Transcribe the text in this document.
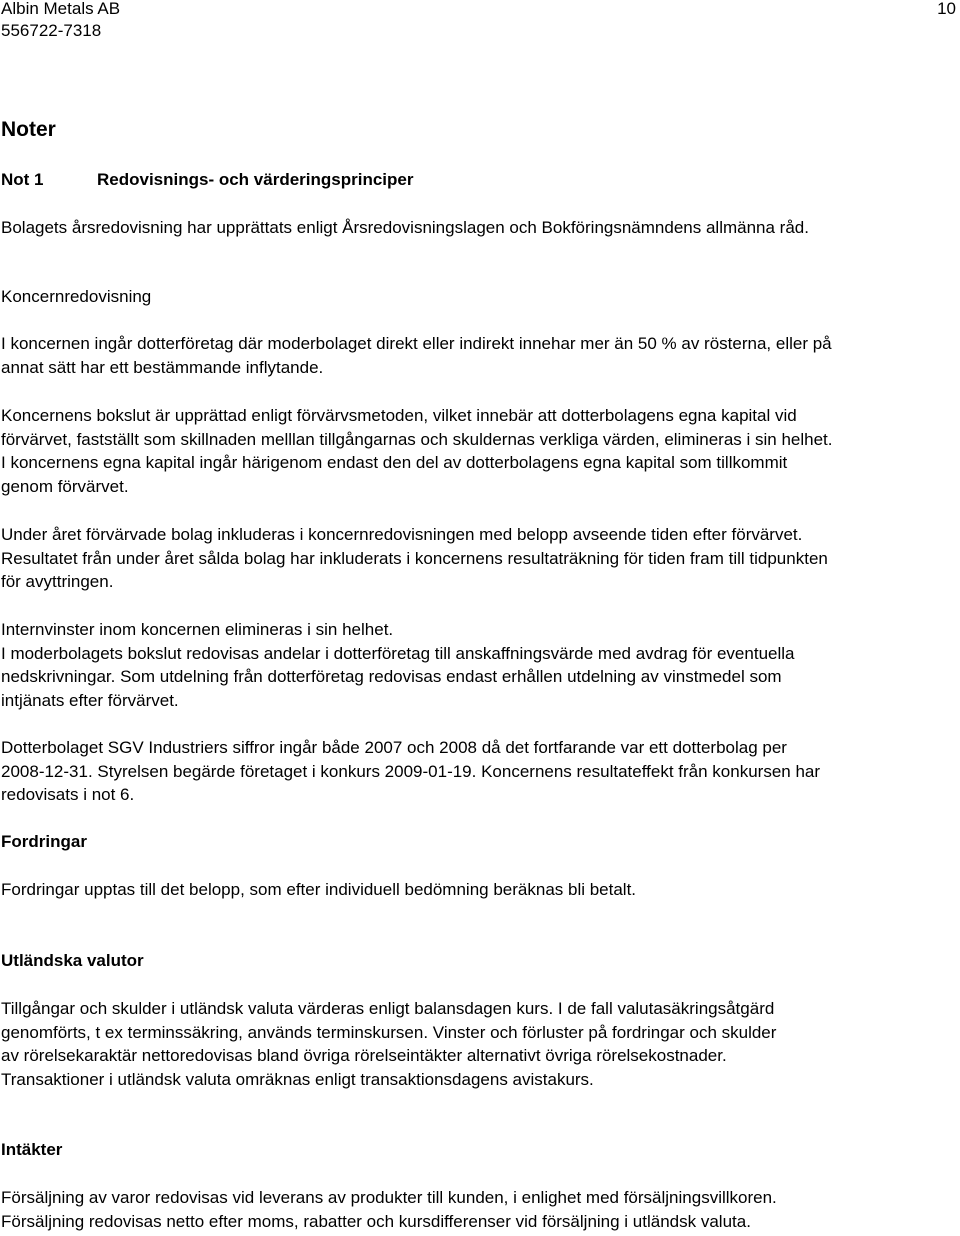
Albin Metals AB
556722-7318
10
Noter
Not 1	Redovisnings- och värderingsprinciper
Bolagets årsredovisning har upprättats enligt Årsredovisningslagen och Bokföringsnämndens allmänna råd.
Koncernredovisning
I koncernen ingår dotterföretag där moderbolaget direkt eller indirekt innehar mer än 50 % av rösterna, eller på
annat sätt har ett bestämmande inflytande.
Koncernens bokslut är upprättad enligt förvärvsmetoden, vilket innebär att dotterbolagens egna kapital vid
förvärvet, fastställt som skillnaden melllan tillgångarnas och skuldernas verkliga värden, elimineras i sin helhet.
I koncernens egna kapital ingår härigenom endast den del av dotterbolagens egna kapital som tillkommit
genom förvärvet.
Under året förvärvade bolag inkluderas i koncernredovisningen med belopp avseende tiden efter förvärvet.
Resultatet från under året sålda bolag har inkluderats i koncernens resultaträkning för tiden fram till tidpunkten
för avyttringen.
Internvinster inom koncernen elimineras i sin helhet.
I moderbolagets bokslut redovisas andelar i dotterföretag till anskaffningsvärde med avdrag för eventuella
nedskrivningar. Som utdelning från dotterföretag redovisas endast erhållen utdelning av vinstmedel som
intjänats efter förvärvet.
Dotterbolaget SGV Industriers siffror ingår både 2007 och 2008 då det fortfarande var ett dotterbolag per
2008-12-31. Styrelsen begärde företaget i konkurs 2009-01-19. Koncernens resultateffekt från konkursen har
redovisats i not 6.
Fordringar
Fordringar upptas till det belopp, som efter individuell bedömning beräknas bli betalt.
Utländska valutor
Tillgångar och skulder i utländsk valuta värderas enligt balansdagen kurs. I de fall valutasäkringsåtgärd
genomförts, t ex terminssäkring, används terminskursen. Vinster och förluster på fordringar och skulder
av rörelsekaraktär nettoredovisas bland övriga rörelseintäkter alternativt övriga rörelsekostnader.
Transaktioner i utländsk valuta omräknas enligt transaktionsdagens avistakurs.
Intäkter
Försäljning av varor redovisas vid leverans av produkter till kunden, i enlighet med försäljningsvillkoren.
Försäljning redovisas netto efter moms, rabatter och kursdifferenser vid försäljning i utländsk valuta.
